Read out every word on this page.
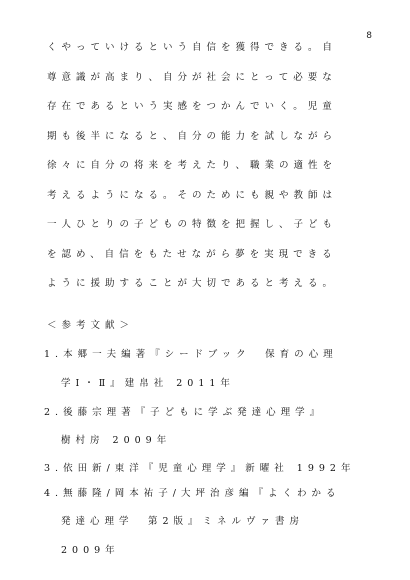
8
くやっていけるという自信を獲得できる。自
尊意識が高まり、自分が社会にとって必要な
存在であるという実感をつかんでいく。児童
期も後半になると、自分の能力を試しながら
徐々に自分の将来を考えたり、職業の適性を
考えるようになる。そのためにも親や教師は
一人ひとりの子どもの特徴を把握し、子ども
を認め、自信をもたせながら夢を実現できる
ように援助することが大切であると考える。
＜参考文献＞
1.本郷一夫編著『シードブック　保育の心理
学Ⅰ・Ⅱ』建帛社 2011年
2.後藤宗理著『子どもに学ぶ発達心理学』
樹村房 2009年
3.依田新/東洋『児童心理学』新曜社 1992年
4.無藤隆/岡本祐子/大坪治彦編『よくわかる
発達心理学　第2版』ミネルヴァ書房
2009年
